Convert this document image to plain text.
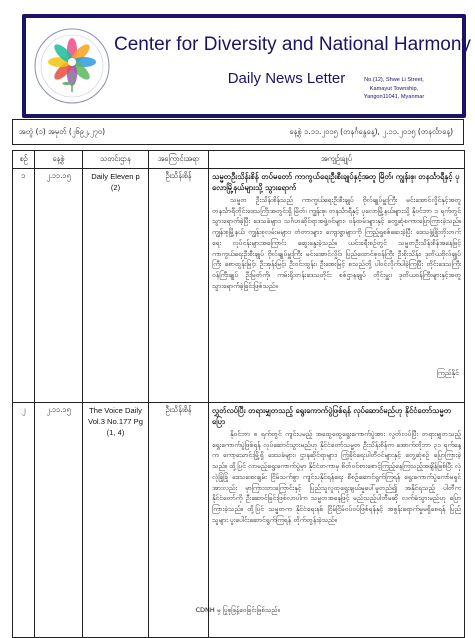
Center for Diversity and National Harmony
Daily News Letter	No.(12), Shwe Li Street,
Kamayut Township,
Yangon11041, Myanmar
အတွဲ (၁) အမှတ် (၂၆၉၂,၂၇၀)	နေ့စွဲ ၁.၁၁.၂၀၁၅ (တနင်္ဂနွေနေ့), ၂.၁၁.၂၀၁၅ (တနင်္လာနေ့)
စဉ်	နေ့စွဲ	သတင်းဌာန	အကြောင်းအရာ	အကျဉ်းချုပ်
၁	၂.၁၁.၁၅	Daily Eleven p (2)	ဦးသိန်းစိန်	သမ္မတဦးသိန်းစိန် တပ်မတော် ကာကွယ်ရေးဦးစီးချုပ်နှင့်အတူ မြိတ်၊ ကျွန်းစု၊ တနင်္သာရီနှင့် ပုလောမြို့နယ်များသို့ သွားရောက်
သမ္မတ ဦးသိန်းစိန်သည် ကာကွယ်ရေးဦးစီးချုပ် ဗိုလ်ချုပ်မှူးကြီး မင်းအောင်လှိုင်နှင့်အတူ တနင်္သာရီတိုင်းဒေသကြီးအတွင်းရှိ မြိတ်၊ ကျွန်းစု၊ တနင်္သာရီနှင့် ပုလောမြို့နယ်များသို့ နိုဝင်ဘာ ၁ ရက်တွင် သွားရောက်ခဲ့ပြီး ဒေသခံများ၊ သင်္ဂဟဆိုင်ရာအဖွဲ့ဝင်များ၊ ဝန်ထမ်းများနှင့် တွေ့ဆုံစကားပြောကြားခဲ့သည်။ ကျွန်းစုမြို့နယ် ကျွန်းစုလမ်းမများ၊ တံတားများ၊ ကျေးရွာများကို ကြည့်ရှုစစ်ဆေးခဲ့ပြီး ဒေသဖွံ့ဖြိုးတိုးတက်ရေး လုပ်ငန်းများအကြောင်း ဆွေးနွေးခဲ့သည်။ ယင်းခရီးစဉ်တွင် သမ္မတဦးသိန်းစိန်အနေဖြင့် ကာကွယ်ရေးဦးစီးချုပ် ဗိုလ်ချုပ်မှူးကြီး မင်းအောင်လှိုင်၊ ပြည်ထောင်စုဝန်ကြီး ဦးစိုးသိန်း၊ ဒုတိယဗိုလ်ချုပ်ကြီး စောထွန်းမြင့်၊ ဦးအုန်းမြင့်၊ ဦးဝင်းထွန်း၊ ဦးအေးမြင့် စသည်တို့ ပါဝင်လိုက်ပါခဲ့ကြပြီး တိုင်းဒေသကြီး ဝန်ကြီးချုပ် ဦးမြတ်ကို၊ ကမ်းရိုးတန်းဒေသတိုင်း စစ်ဌာနချုပ် တိုင်းမှူး၊ ဒုတိယဝန်ကြီးများနှင့်အတူ သွားရောက်ခဲ့ခြင်းဖြစ်သည်။
ကြည်နိုင်

၂	၂.၁၁.၁၅	The Voice Daily Vol.3 No.177 Pg (1, 4)	ဦးသိန်းစိန်	လွှတ်လပ်ပြီး တရားမျှတသည့် ရွေးကောက်ပွဲဖြစ်ရန် လုပ်ဆောင်မည်ဟု နိုင်ငံတော်သမ္မတပြော
နိုဝင်ဘာ ၈ ရက်တွင် ကျင်းပမည့် အထွေထွေရွေးကောက်ပွဲအား လွတ်လပ်ပြီး တရားမျှတသည့်ရွေးကောက်ပွဲဖြစ်ရန် လုပ်ဆောင်သွားမည်ဟု နိုင်ငံတော်သမ္မတ ဦးသိန်းစိန်က အောက်တိုဘာ ၃၁ ရက်နေ့က ကော့သောင်းမြို့ရှိ ဒေသခံများ၊ ဌာနဆိုင်ရာများ၊ ကြံ့ခိုင်ရေးပါတီဝင်များနှင့် တွေ့ဆုံစဉ် ပြောကြားခဲ့သည်။ ထို့ပြင် လာမည့်ရွေးကောက်ပွဲမှာ နိုင်ငံတကာမှ စိတ်ဝင်စားစောင့်ကြည့်နေကြသည့်အချိန်ဖြစ်ပြီး လုံလုံခြုံခြုံ ဒေသအေးချမ်း ငြိမ်သက်စွာ ကျင်းပနိုင်ရန်ရေး စီစဉ်ဆောင်ရွက်ကြရန် ရွေးကောက်ပွဲကော်မရှင်အားလည်း မှာကြားထားကြောင်းနှင့် ပြည်သူလူထုရွေးချယ်မှုပေါ်မူတည်၍ အနိုင်ရသည့် ပါတီက နိုင်ငံတော်ကို ဦးဆောင်ခြင်းဖြစ်လာပါက သမ္မတအနေဖြင့် မည်သည့်ပါတီမဆို လက်ခံသွားမည်ဟု ပြောကြားခဲ့သည်။ ထို့ပြင် သမ္မတက နိုင်ငံရေးနစ် ငြိမ်ငြိမ်ဝပ်ဝပ်ဖြစ်ရန်နှင့် အစွန်းရောက်မှုမရှိစေရန် ပြည်သူများ ပူးပေါင်းဆောင်ရွက်ကြရန် တိုက်တွန်းခဲ့သည်။
CDNH မှ ပြုစုဖြန့်ဝေခြင်းဖြစ်သည်။
